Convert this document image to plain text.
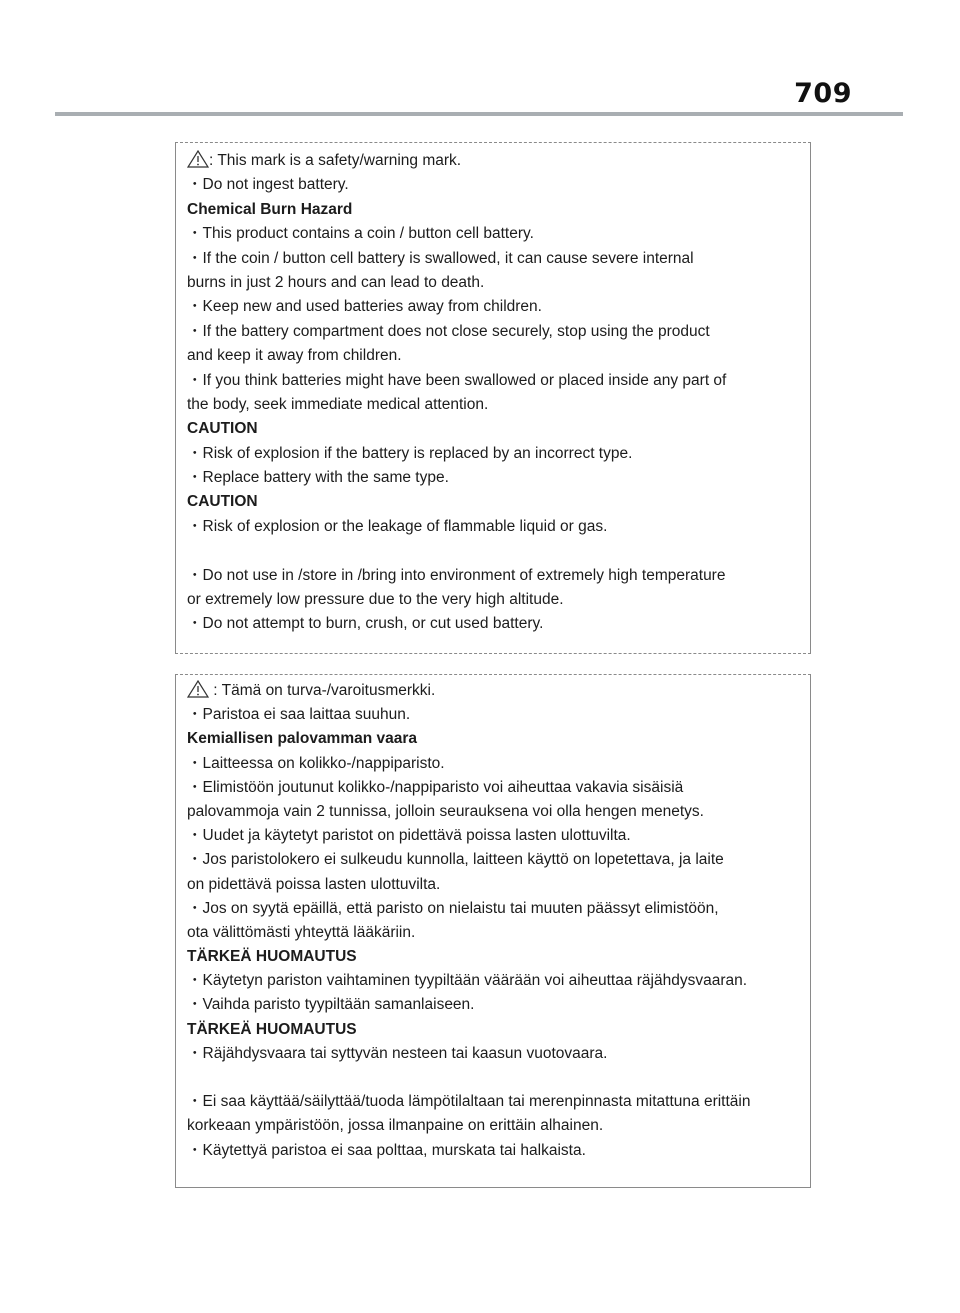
709
: This mark is a safety/warning mark.
・Do not ingest battery.
Chemical Burn Hazard
・This product contains a coin / button cell battery.
・If the coin / button cell battery is swallowed, it can cause severe internal
burns in just 2 hours and can lead to death.
・Keep new and used batteries away from children.
・If the battery compartment does not close securely, stop using the product
and keep it away from children.
・If you think batteries might have been swallowed or placed inside any part of
the body, seek immediate medical attention.
CAUTION
・Risk of explosion if the battery is replaced by an incorrect type.
・Replace battery with the same type.
CAUTION
・Risk of explosion or the leakage of flammable liquid or gas.
・Do not use in /store in /bring into environment of extremely high temperature
or extremely low pressure due to the very high altitude.
・Do not attempt to burn, crush, or cut used battery.
: Tämä on turva-/varoitusmerkki.
・Paristoa ei saa laittaa suuhun.
Kemiallisen palovamman vaara
・Laitteessa on kolikko-/nappiparisto.
・Elimistöön joutunut kolikko-/nappiparisto voi aiheuttaa vakavia sisäisiä
palovammoja vain 2 tunnissa, jolloin seurauksena voi olla hengen menetys.
・Uudet ja käytetyt paristot on pidettävä poissa lasten ulottuvilta.
・Jos paristolokero ei sulkeudu kunnolla, laitteen käyttö on lopetettava, ja laite
on pidettävä poissa lasten ulottuvilta.
・Jos on syytä epäillä, että paristo on nielaistu tai muuten päässyt elimistöön,
ota välittömästi yhteyttä lääkäriin.
TÄRKEÄ HUOMAUTUS
・Käytetyn pariston vaihtaminen tyypiltään väärään voi aiheuttaa räjähdysvaaran.
・Vaihda paristo tyypiltään samanlaiseen.
TÄRKEÄ HUOMAUTUS
・Räjähdysvaara tai syttyvän nesteen tai kaasun vuotovaara.
・Ei saa käyttää/säilyttää/tuoda lämpötilaltaan tai merenpinnasta mitattuna erittäin
korkeaan ympäristöön, jossa ilmanpaine on erittäin alhainen.
・Käytettyä paristoa ei saa polttaa, murskata tai halkaista.
